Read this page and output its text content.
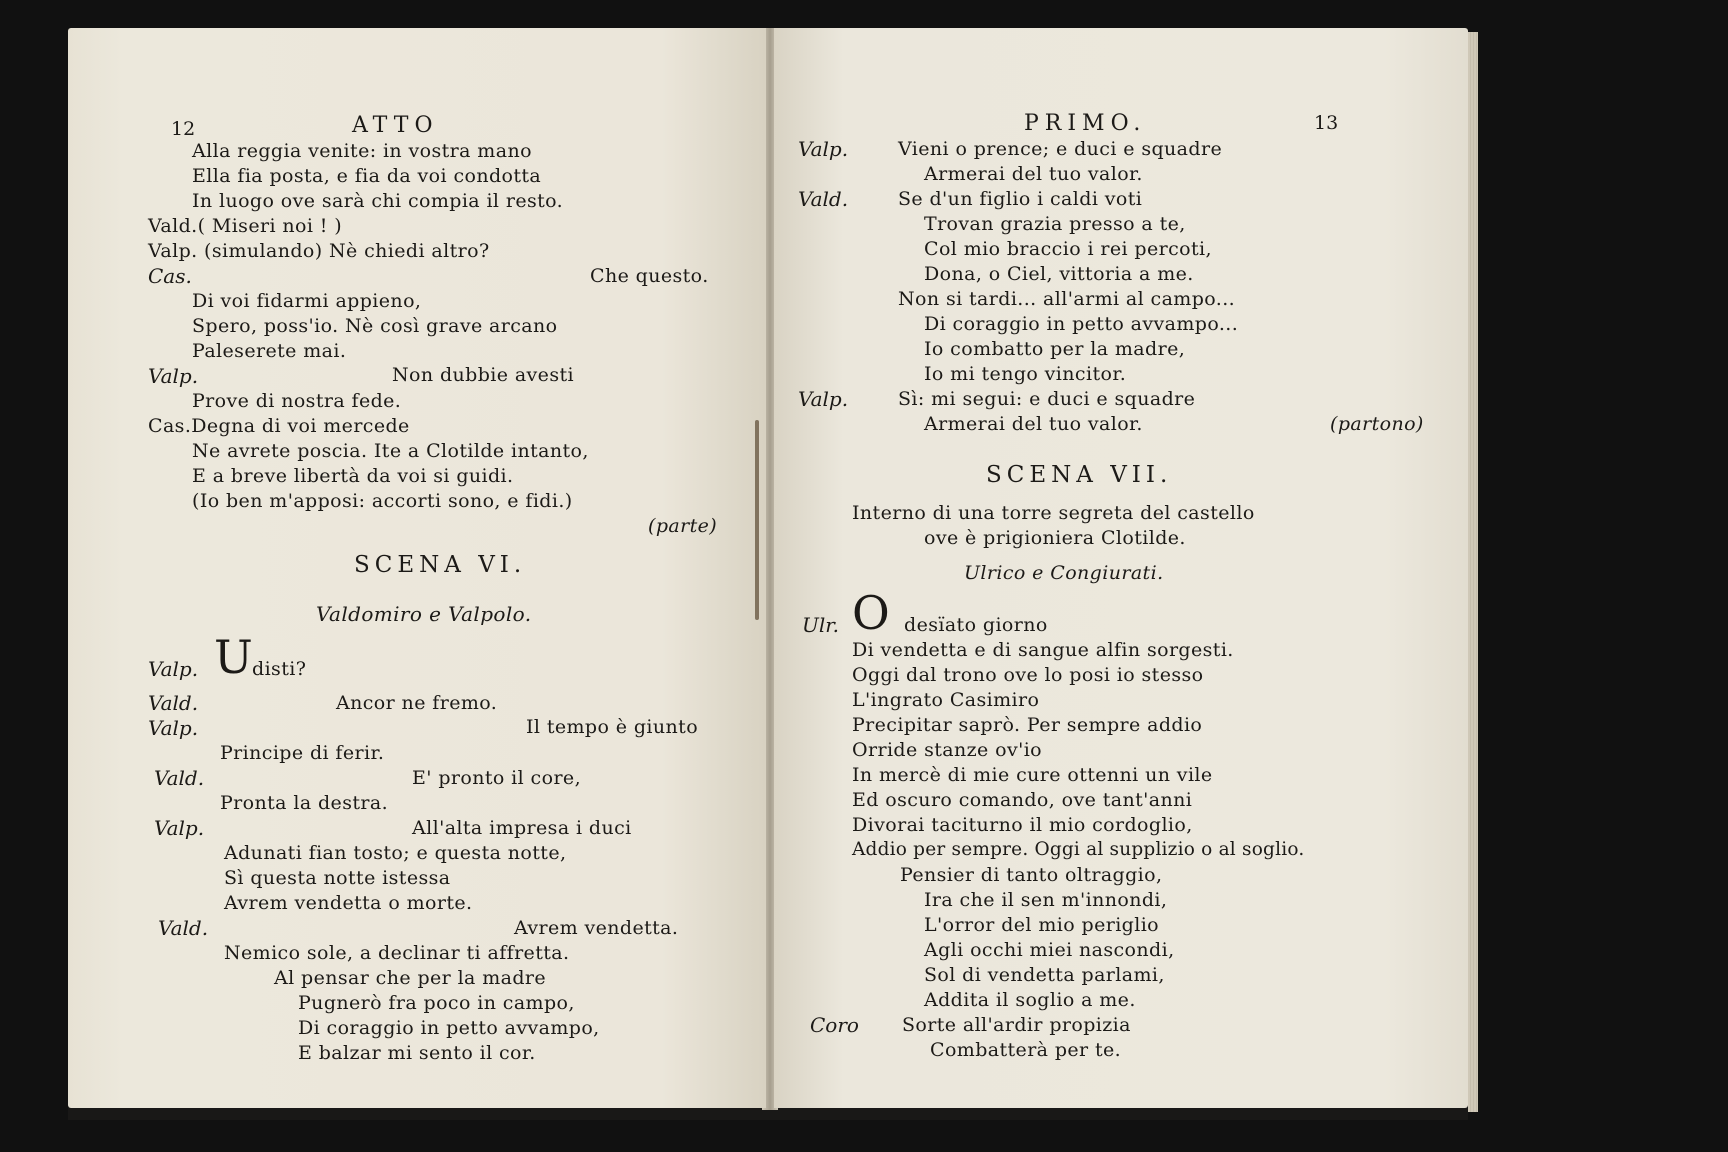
12	ATTO
Alla reggia venite: in vostra mano
Ella fia posta, e fia da voi condotta
In luogo ove sarà chi compia il resto.
Vald.( Miseri noi ! )
Valp. (simulando) Nè chiedi altro?
Cas.	Che questo.
Di voi fidarmi appieno,
Spero, poss'io. Nè così grave arcano
Paleserete mai.
Valp.	Non dubbie avesti
Prove di nostra fede.
Cas.Degna di voi mercede
Ne avrete poscia. Ite a Clotilde intanto,
E a breve libertà da voi si guidi.
(Io ben m'apposi: accorti sono, e fidi.)
(parte)
SCENA VI.
Valdomiro e Valpolo.
Valp. U disti?
Vald.	Ancor ne fremo.
Valp.	Il tempo è giunto
Principe di ferir.
Vald.	E' pronto il core,
Pronta la destra.
Valp.	All'alta impresa i duci
Adunati fian tosto; e questa notte,
Sì questa notte istessa
Avrem vendetta o morte.
Vald.	Avrem vendetta.
Nemico sole, a declinar ti affretta.
Al pensar che per la madre
Pugnerò fra poco in campo,
Di coraggio in petto avvampo,
E balzar mi sento il cor.
PRIMO.	13
Valp.	Vieni o prence; e duci e squadre
Armerai del tuo valor.
Vald.	Se d'un figlio i caldi voti
Trovan grazia presso a te,
Col mio braccio i rei percoti,
Dona, o Ciel, vittoria a me.
Non si tardi... all'armi al campo...
Di coraggio in petto avvampo...
Io combatto per la madre,
Io mi tengo vincitor.
Valp.	Sì: mi segui: e duci e squadre
Armerai del tuo valor.	(partono)
SCENA VII.
Interno di una torre segreta del castello
ove è prigioniera Clotilde.
Ulrico e Congiurati.
Ulr. O desïato giorno
Di vendetta e di sangue alfin sorgesti.
Oggi dal trono ove lo posi io stesso
L'ingrato Casimiro
Precipitar saprò. Per sempre addio
Orride stanze ov'io
In mercè di mie cure ottenni un vile
Ed oscuro comando, ove tant'anni
Divorai taciturno il mio cordoglio,
Addio per sempre. Oggi al supplizio o al soglio.
Pensier di tanto oltraggio,
Ira che il sen m'innondi,
L'orror del mio periglio
Agli occhi miei nascondi,
Sol di vendetta parlami,
Addita il soglio a me.
Coro Sorte all'ardir propizia
Combatterà per te.
